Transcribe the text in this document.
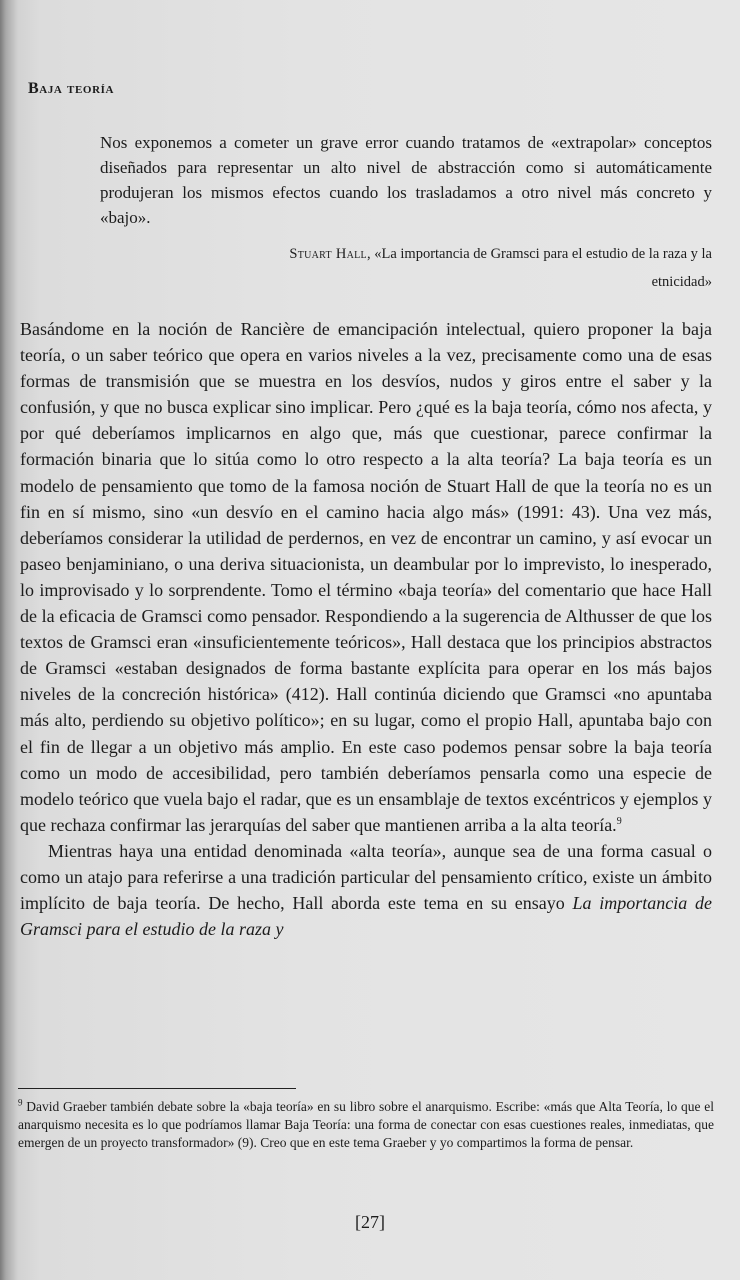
Baja teoría

Nos exponemos a cometer un grave error cuando tratamos de «extrapolar» conceptos diseñados para representar un alto nivel de abstracción como si automáticamente produjeran los mismos efectos cuando los trasladamos a otro nivel más concreto y «bajo».

Stuart Hall, «La importancia de Gramsci para el estudio de la raza y la etnicidad»

Basándome en la noción de Rancière de emancipación intelectual, quiero proponer la baja teoría, o un saber teórico que opera en varios niveles a la vez, precisamente como una de esas formas de transmisión que se muestra en los desvíos, nudos y giros entre el saber y la confusión, y que no busca explicar sino implicar. Pero ¿qué es la baja teoría, cómo nos afecta, y por qué deberíamos implicarnos en algo que, más que cuestionar, parece confirmar la formación binaria que lo sitúa como lo otro respecto a la alta teoría? La baja teoría es un modelo de pensamiento que tomo de la famosa noción de Stuart Hall de que la teoría no es un fin en sí mismo, sino «un desvío en el camino hacia algo más» (1991: 43). Una vez más, deberíamos considerar la utilidad de perdernos, en vez de encontrar un camino, y así evocar un paseo benjaminiano, o una deriva situacionista, un deambular por lo imprevisto, lo inesperado, lo improvisado y lo sorprendente. Tomo el término «baja teoría» del comentario que hace Hall de la eficacia de Gramsci como pensador. Respondiendo a la sugerencia de Althusser de que los textos de Gramsci eran «insuficientemente teóricos», Hall destaca que los principios abstractos de Gramsci «estaban designados de forma bastante explícita para operar en los más bajos niveles de la concreción histórica» (412). Hall continúa diciendo que Gramsci «no apuntaba más alto, perdiendo su objetivo político»; en su lugar, como el propio Hall, apuntaba bajo con el fin de llegar a un objetivo más amplio. En este caso podemos pensar sobre la baja teoría como un modo de accesibilidad, pero también deberíamos pensarla como una especie de modelo teórico que vuela bajo el radar, que es un ensamblaje de textos excéntricos y ejemplos y que rechaza confirmar las jerarquías del saber que mantienen arriba a la alta teoría.$^9$

Mientras haya una entidad denominada «alta teoría», aunque sea de una forma casual o como un atajo para referirse a una tradición particular del pensamiento crítico, existe un ámbito implícito de baja teoría. De hecho, Hall aborda este tema en su ensayo La importancia de Gramsci para el estudio de la raza y

$^9$ David Graeber también debate sobre la «baja teoría» en su libro sobre el anarquismo. Escribe: «más que Alta Teoría, lo que el anarquismo necesita es lo que podríamos llamar Baja Teoría: una forma de conectar con esas cuestiones reales, inmediatas, que emergen de un proyecto transformador» (9). Creo que en este tema Graeber y yo compartimos la forma de pensar.

[27]
